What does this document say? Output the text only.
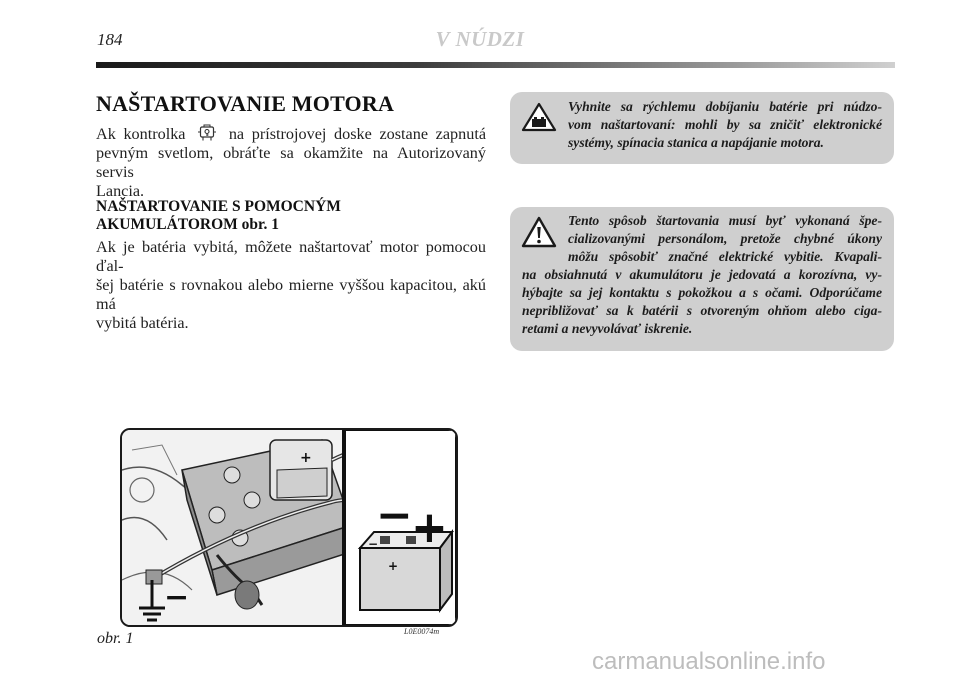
184	V NÚDZI
NAŠTARTOVANIE MOTORA
Ak kontrolka	na prístrojovej doske zostane zapnutá
pevným svetlom, obráťte sa okamžite na Autorizovaný servis
Lancia.
NAŠTARTOVANIE S POMOCNÝM
AKUMULÁTOROM obr. 1
Ak je batéria vybitá, môžete naštartovať motor pomocou ďal-
šej batérie s rovnakou alebo mierne vyššou kapacitou, akú má
vybitá batéria.
Vyhnite sa rýchlemu dobíjaniu batérie pri núdzo-
vom naštartovaní: mohli by sa zničiť elektronické
systémy, spínacia stanica a napájanie motora.
Tento spôsob štartovania musí byť vykonaná špe-
cializovanými personálom, pretože chybné úkony
môžu spôsobiť značné elektrické vybitie. Kvapali-
na obsiahnutá v akumulátoru je jedovatá a korozívna, vy-
hýbajte sa jej kontaktu s pokožkou a s očami. Odporúčame
nepribližovať sa k batérii s otvoreným ohňom alebo ciga-
retami a nevyvolávať iskrenie.
+
−
+
−
+
−
obr. 1	L0E0074m
carmanualsonline.info
